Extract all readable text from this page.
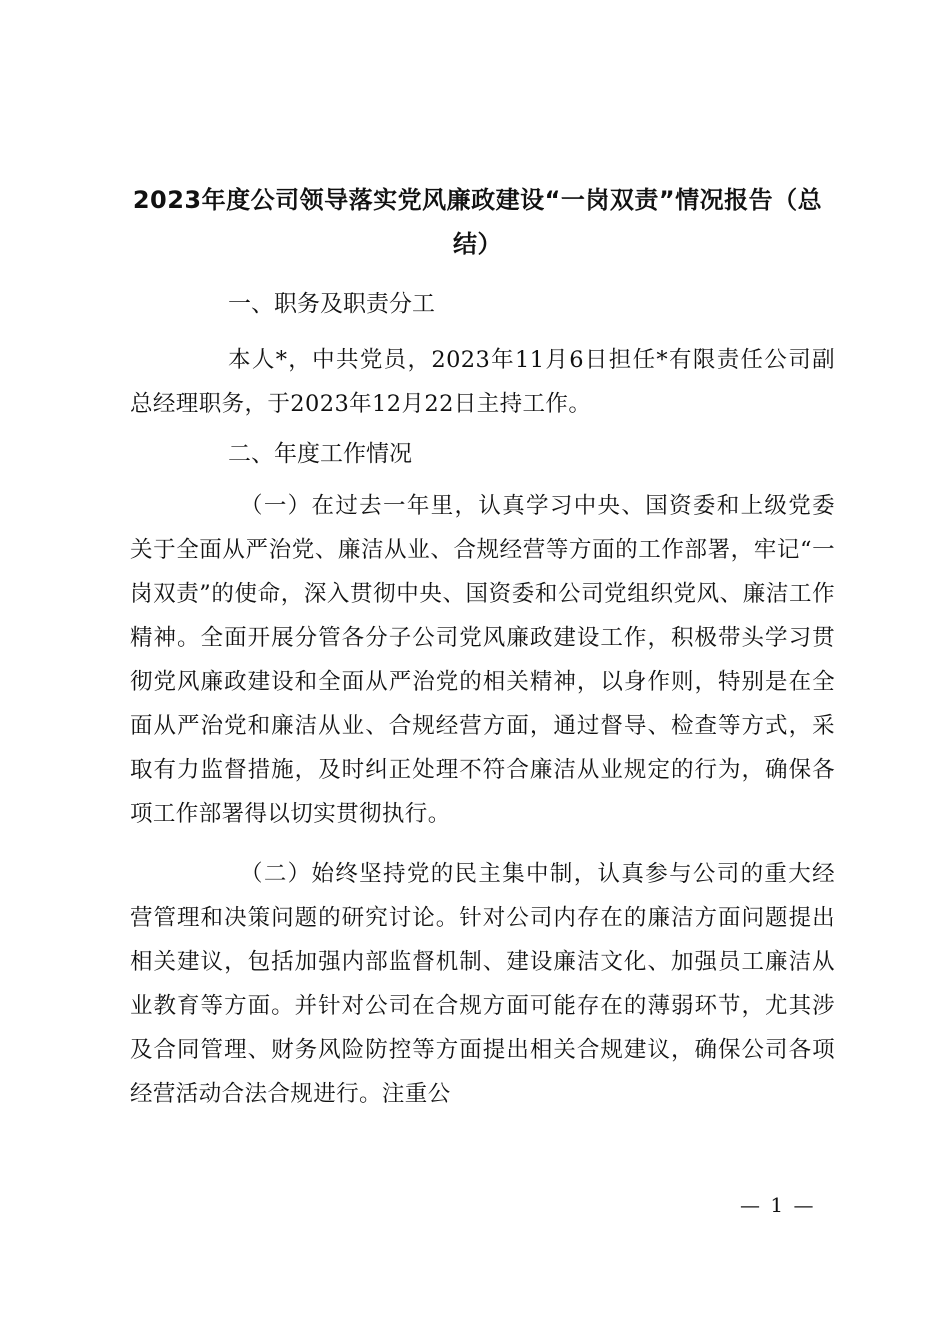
2023年度公司领导落实党风廉政建设“一岗双责”情况报告（总结）

一、职务及职责分工

本人*，中共党员，2023年11月6日担任*有限责任公司副总经理职务，于2023年12月22日主持工作。

二、年度工作情况

（一）在过去一年里，认真学习中央、国资委和上级党委关于全面从严治党、廉洁从业、合规经营等方面的工作部署，牢记“一岗双责”的使命，深入贯彻中央、国资委和公司党组织党风、廉洁工作精神。全面开展分管各分子公司党风廉政建设工作，积极带头学习贯彻党风廉政建设和全面从严治党的相关精神，以身作则，特别是在全面从严治党和廉洁从业、合规经营方面，通过督导、检查等方式，采取有力监督措施，及时纠正处理不符合廉洁从业规定的行为，确保各项工作部署得以切实贯彻执行。

（二）始终坚持党的民主集中制，认真参与公司的重大经营管理和决策问题的研究讨论。针对公司内存在的廉洁方面问题提出相关建议，包括加强内部监督机制、建设廉洁文化、加强员工廉洁从业教育等方面。并针对公司在合规方面可能存在的薄弱环节，尤其涉及合同管理、财务风险防控等方面提出相关合规建议，确保公司各项经营活动合法合规进行。注重公

— 1 —
